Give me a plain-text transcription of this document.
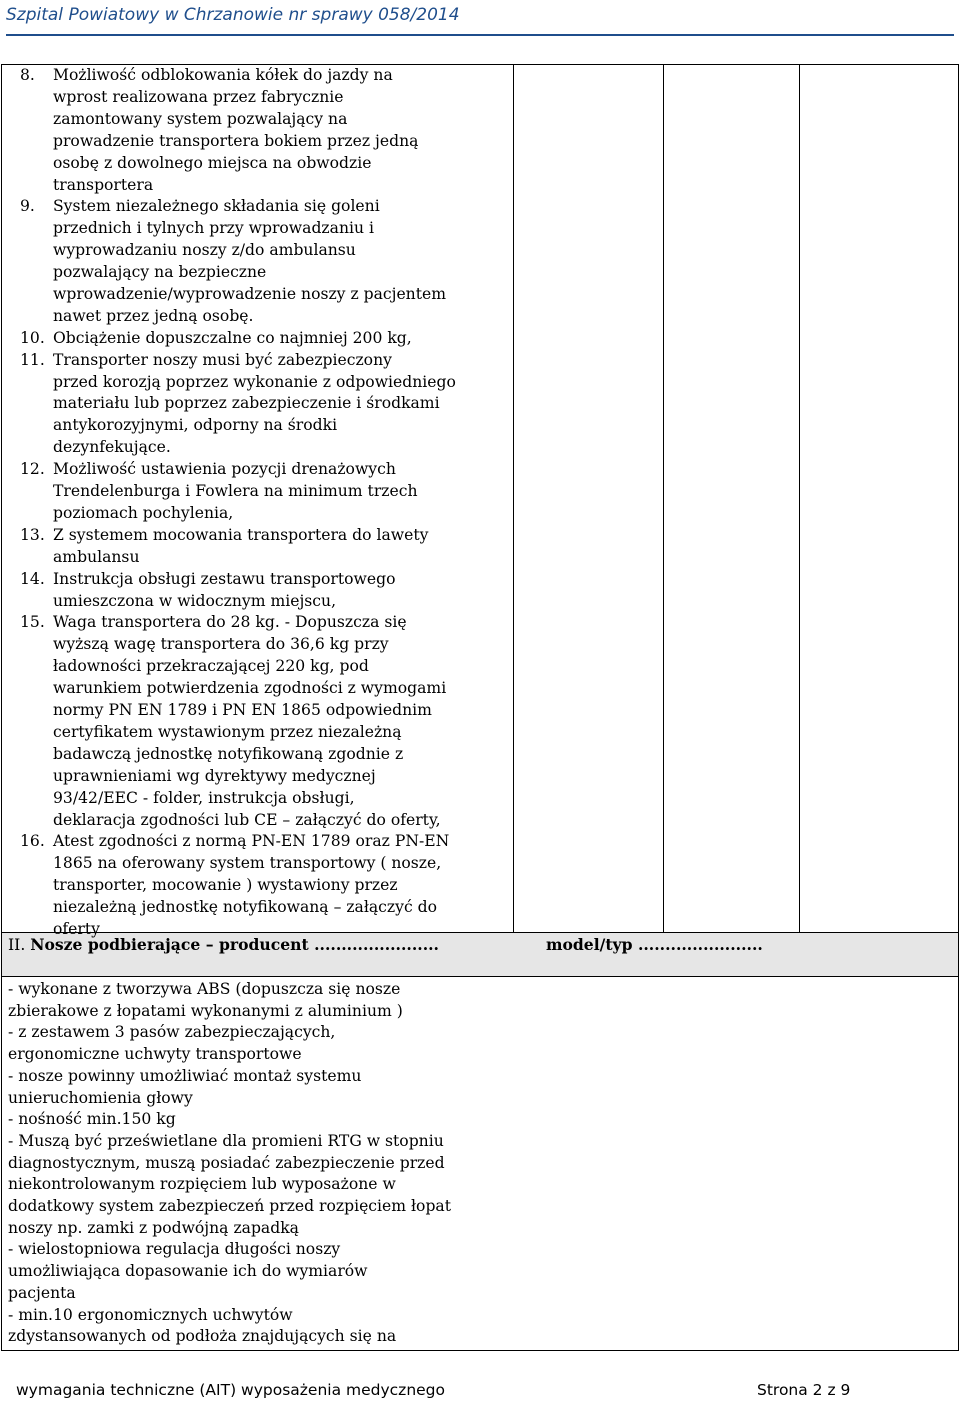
Szpital Powiatowy w Chrzanowie nr sprawy 058/2014
8. Możliwość odblokowania kółek do jazdy na
wprost realizowana przez fabrycznie
zamontowany system pozwalający na
prowadzenie transportera bokiem przez jedną
osobę z dowolnego miejsca na obwodzie
transportera
9. System niezależnego składania się goleni
przednich i tylnych przy wprowadzaniu i
wyprowadzaniu noszy z/do ambulansu
pozwalający na bezpieczne
wprowadzenie/wyprowadzenie noszy z pacjentem
nawet przez jedną osobę.
10. Obciążenie dopuszczalne co najmniej 200 kg,
11. Transporter noszy musi być zabezpieczony
przed korozją poprzez wykonanie z odpowiedniego
materiału lub poprzez zabezpieczenie i środkami
antykorozyjnymi, odporny na środki
dezynfekujące.
12. Możliwość ustawienia pozycji drenażowych
Trendelenburga i Fowlera na minimum trzech
poziomach pochylenia,
13. Z systemem mocowania transportera do lawety
ambulansu
14. Instrukcja obsługi zestawu transportowego
umieszczona w widocznym miejscu,
15. Waga transportera do 28 kg. - Dopuszcza się
wyższą wagę transportera do 36,6 kg przy
ładowności przekraczającej 220 kg, pod
warunkiem potwierdzenia zgodności z wymogami
normy PN EN 1789 i PN EN 1865 odpowiednim
certyfikatem wystawionym przez niezależną
badawczą jednostkę notyfikowaną zgodnie z
uprawnieniami wg dyrektywy medycznej
93/42/EEC - folder, instrukcja obsługi,
deklaracja zgodności lub CE – załączyć do oferty,
16. Atest zgodności z normą PN-EN 1789 oraz PN-EN
1865 na oferowany system transportowy ( nosze,
transporter, mocowanie ) wystawiony przez
niezależną jednostkę notyfikowaną – załączyć do
oferty
II. Nosze podbierające – producent .......................	model/typ .......................
- wykonane z tworzywa ABS (dopuszcza się nosze
zbierakowe z łopatami wykonanymi z aluminium )
- z zestawem 3 pasów zabezpieczających,
ergonomiczne uchwyty transportowe
- nosze powinny umożliwiać montaż systemu
unieruchomienia głowy
- nośność min.150 kg
- Muszą być prześwietlane dla promieni RTG w stopniu
diagnostycznym, muszą posiadać zabezpieczenie przed
niekontrolowanym rozpięciem lub wyposażone w
dodatkowy system zabezpieczeń przed rozpięciem łopat
noszy np. zamki z podwójną zapadką
- wielostopniowa regulacja długości noszy
umożliwiająca dopasowanie ich do wymiarów
pacjenta
- min.10 ergonomicznych uchwytów
zdystansowanych od podłoża znajdujących się na
wymagania techniczne (AIT) wyposażenia medycznego	Strona 2 z 9
